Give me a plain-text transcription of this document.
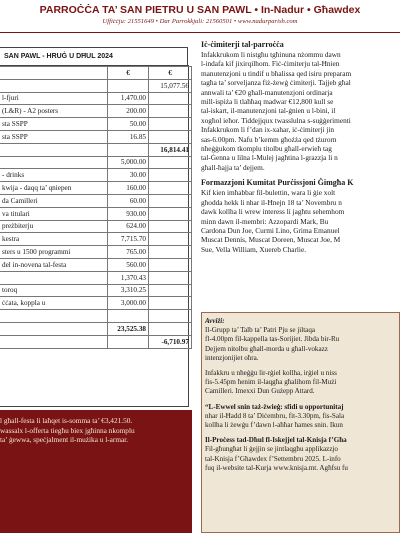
PARROĊĊA TA’ SAN PIETRU U SAN PAWL • In-Nadur • Għawdex
Uffiċċju: 21551649 • Dar Parrokkjali: 21560501 • www.nadurparish.com
SAN PAWL - HRUĠ U DĦUL 2024
	€	€
		15,077.56
l-fjuri	1,470.00	
(L&R) - A2 posters	200.00	
sta SSPP	50.00	
sta SSPP	16.85	
		16,814.41
	5,000.00	
- drinks	30.00	
kwija - daqq ta’ qniepen	160.00	
da Camilleri	60.00	
va titulari	930.00	
preżbiterju	624.00	
kestra	7,715.70	
sters u 1500 programmi	765.00	
del in-novena tal-festa	560.00	
	1,370.43	
toroq	3,310.25	
ċċata, koppla u	3,000.00	

	23,525.38	
		-6,710.97

l għall-festa li laħqet is-somma ta’ €3,421.50.

wassalx l-offerta tiegħu biex jgħinna nkomplu

ta’ ġewwa, speċjalment il-mużika u l-armar.

Iċ-ċimiterji tal-parroċċa

Infakkrukom li nistgħu tgħinuna nżommu dawn

l-indafa kif jixirqilhom. Fiċ-ċimiterju tal-Ħnien

manutenzjoni u tindif u bħalissa qed isiru preparam

tagħa ta’ sorveljanza fiż-żewġ ċimiterji. Tajjeb għal

annwali ta’ €20 għall-manutenzjoni ordinarja

mill-ispiża li tlaħħaq madwar €12,800 kull se

tal-iskart, il-manutenzjoni tal-ġnien u l-bini, il

xogħol ieħor. Tiddejjqux twasslulna s-suġġerimenti

Infakkrukom li f’dan ix-xahar, iċ-ċimiterji jin

sas-6.00pm. Nafu b’kemm għożża qed tżurorn

nħeġġukom tkomplu titolbu għall-erwieħ tag

tal-Ġenna u lilna l-Mulej jagħtina l-grazzja li n

għall-ħajja ta’ dejjem.

Formazzjoni Kumitat Purċissjoni Ġimgħa K

Kif kien imħabbar fil-bulettin, wara li ġie xolt

għodda hekk li nhar il-Ħnejn 18 ta’ Novembru n

dawk kollha li wrew interess li jagħtu sehemhom

minn dawn il-membri: Azzopardi Mark, Bu

Cardona Dun Joe, Curmi Lino, Grima Emanuel

Muscat Dennis, Muscat Doreen, Muscat Joe, M

Sue, Vella William, Xuereb Charlie.

Avviżi:

Il-Grupp ta’ Talb ta’ Patri Pju se jiltaqa

fl-4.00pm fil-kappella tas-Sorijiet. Jibda bir-Ru

Dejjem nitolbu għall-morda u għall-vokazz

intenzjonijiet oħra.

Infakkru u nħeġġu lir-rġiel kollha, irġiel u niss

fis-5.45pm ħenim il-laqgħa għalihom fil-Mużi

Camilleri. Imexxi Dun Gużepp Attard.

“L-Ewwel snin taż-żwieġ: sfidi u opportunitaj

nhar il-Ħadd 8 ta’ Diċembru, fit-3.30pm, fis-Sala

kollha li żewġu f’dawn l-aħħar ħames snin. Ikun

Il-Proċess tad-Dħul fl-Iskejjel tal-Knisja f’Għa

Fil-għungħat li ġejjin se jintlaqgħu applikazzjo

tal-Knisja f’Għawdex f’Settembru 2025. L-info

fuq il-website tal-Kurja www.knisja.mt. Agħfsu fu
